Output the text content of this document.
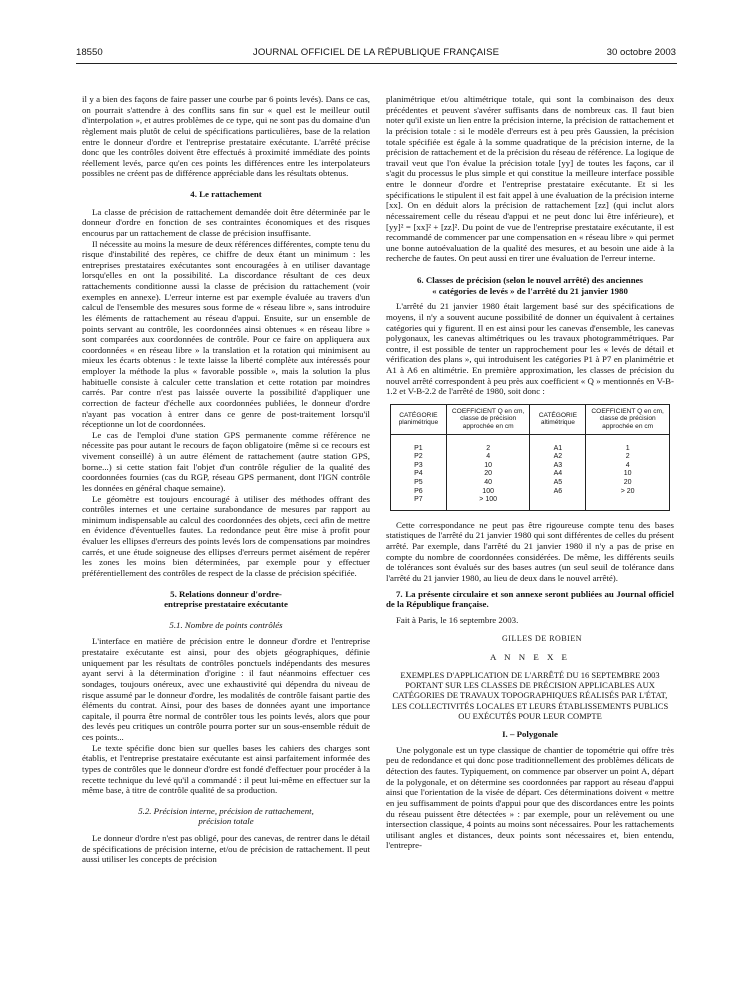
18550	JOURNAL OFFICIEL DE LA RÉPUBLIQUE FRANÇAISE	30 octobre 2003

il y a bien des façons de faire passer une courbe par 6 points levés). Dans ce cas, on pourrait s'attendre à des conflits sans fin sur « quel est le meilleur outil d'interpolation », et autres problèmes de ce type, qui ne sont pas du domaine d'un règlement mais plutôt de celui de spécifications particulières, base de la relation entre le donneur d'ordre et l'entreprise prestataire exécutante. L'arrêté précise donc que les contrôles doivent être effectués à proximité immédiate des points réellement levés, parce qu'en ces points les différences entre les interpolateurs possibles ne créent pas de différence appréciable dans les résultats obtenus.

4. Le rattachement

La classe de précision de rattachement demandée doit être déterminée par le donneur d'ordre en fonction de ses contraintes économiques et des risques encourus par un rattachement de classe de précision insuffisante.

Il nécessite au moins la mesure de deux références différentes, compte tenu du risque d'instabilité des repères, ce chiffre de deux étant un minimum : les entreprises prestataires exécutantes sont encouragées à en utiliser davantage lorsqu'elles en ont la possibilité. La discordance résultant de ces deux rattachements conditionne aussi la classe de précision du rattachement (voir exemples en annexe). L'erreur interne est par exemple évaluée au travers d'un calcul de l'ensemble des mesures sous forme de « réseau libre », sans introduire les éléments de rattachement au réseau d'appui. Ensuite, sur un ensemble de points servant au contrôle, les coordonnées ainsi obtenues « en réseau libre » sont comparées aux coordonnées de contrôle. Pour ce faire on appliquera aux coordonnées « en réseau libre » la translation et la rotation qui minimisent au mieux les écarts obtenus : le texte laisse la liberté complète aux intéressés pour employer la méthode la plus « favorable possible », mais la solution la plus habituelle consiste à calculer cette translation et cette rotation par moindres carrés. Par contre n'est pas laissée ouverte la possibilité d'appliquer une correction de facteur d'échelle aux coordonnées publiées, le donneur d'ordre n'ayant pas vocation à entrer dans ce genre de post-traitement lorsqu'il réceptionne un lot de coordonnées.

Le cas de l'emploi d'une station GPS permanente comme référence ne nécessite pas pour autant le recours de façon obligatoire (même si ce recours est vivement conseillé) à un autre élément de rattachement (autre station GPS, borne...) si cette station fait l'objet d'un contrôle régulier de la qualité des coordonnées fournies (cas du RGP, réseau GPS permanent, dont l'IGN contrôle les données en général chaque semaine).

Le géomètre est toujours encouragé à utiliser des méthodes offrant des contrôles internes et une certaine surabondance de mesures par rapport au minimum indispensable au calcul des coordonnées des objets, ceci afin de mettre en évidence d'éventuelles fautes. La redondance peut être mise à profit pour évaluer les ellipses d'erreurs des points levés lors de compensations par moindres carrés, et une étude soigneuse des ellipses d'erreurs permet aisément de repérer les zones les moins bien déterminées, par exemple pour y effectuer préférentiellement des contrôles de respect de la classe de précision spécifiée.

5. Relations donneur d'ordre-
entreprise prestataire exécutante
5.1. Nombre de points contrôlés

L'interface en matière de précision entre le donneur d'ordre et l'entreprise prestataire exécutante est ainsi, pour des objets géographiques, définie uniquement par les résultats de contrôles ponctuels indépendants des mesures ayant servi à la détermination d'origine : il faut néanmoins effectuer ces sondages, toujours onéreux, avec une exhaustivité qui dépendra du niveau de risque assumé par le donneur d'ordre, les modalités de contrôle faisant partie des éléments du contrat. Ainsi, pour des bases de données ayant une importance capitale, il pourra être normal de contrôler tous les points levés, alors que pour des levés peu critiques un contrôle pourra porter sur un sous-ensemble réduit de ces points...

Le texte spécifie donc bien sur quelles bases les cahiers des charges sont établis, et l'entreprise prestataire exécutante est ainsi parfaitement informée des types de contrôles que le donneur d'ordre est fondé d'effectuer pour procéder à la recette technique du levé qu'il a commandé : il peut lui-même en effectuer sur la même base, à titre de contrôle qualité de sa production.

5.2. Précision interne, précision de rattachement,
précision totale

Le donneur d'ordre n'est pas obligé, pour des canevas, de rentrer dans le détail de spécifications de précision interne, et/ou de précision de rattachement. Il peut aussi utiliser les concepts de précision

planimétrique et/ou altimétrique totale, qui sont la combinaison des deux précédentes et peuvent s'avérer suffisants dans de nombreux cas. Il faut bien noter qu'il existe un lien entre la précision interne, la précision de rattachement et la précision totale : si le modèle d'erreurs est à peu près Gaussien, la précision totale spécifiée est égale à la somme quadratique de la précision interne, de la précision de rattachement et de la précision du réseau de référence. La logique de travail veut que l'on évalue la précision totale [yy] de toutes les façons, car il s'agit du processus le plus simple et qui constitue la meilleure interface possible entre le donneur d'ordre et l'entreprise prestataire exécutante. Et si les spécifications le stipulent il est fait appel à une évaluation de la précision interne [xx]. On en déduit alors la précision de rattachement [zz] (qui inclut alors nécessairement celle du réseau d'appui et ne peut donc lui être inférieure), et [yy]² = [xx]² + [zz]². Du point de vue de l'entreprise prestataire exécutante, il est recommandé de commencer par une compensation en « réseau libre » qui permet une bonne autoévaluation de la qualité des mesures, et au besoin une aide à la recherche de fautes. On peut aussi en tirer une évaluation de l'erreur interne.

6. Classes de précision (selon le nouvel arrêté) des anciennes
« catégories de levés » de l'arrêté du 21 janvier 1980

L'arrêté du 21 janvier 1980 était largement basé sur des spécifications de moyens, il n'y a souvent aucune possibilité de donner un équivalent à certaines catégories qui y figurent. Il en est ainsi pour les canevas d'ensemble, les canevas polygonaux, les canevas altimétriques ou les travaux photogrammétriques. Par contre, il est possible de tenter un rapprochement pour les « levés de détail et vérification des plans », qui introduisent les catégories P1 à P7 en planimétrie et A1 à A6 en altimétrie. En première approximation, les classes de précision du nouvel arrêté correspondent à peu près aux coefficient « Q » mentionnés en V-B-1.2 et V-B-2.2 de l'arrêté de 1980, soit donc :

CATÉGORIE planimétrique	COEFFICIENT Q en cm, classe de précision approchée en cm	CATÉGORIE altimétrique	COEFFICIENT Q en cm, classe de précision approchée en cm
P1	2	A1	1
P2	4	A2	2
P3	10	A3	4
P4	20	A4	10
P5	40	A5	20
P6	100	A6	> 20
P7	> 100		

Cette correspondance ne peut pas être rigoureuse compte tenu des bases statistiques de l'arrêté du 21 janvier 1980 qui sont différentes de celles du présent arrêté. Par exemple, dans l'arrêté du 21 janvier 1980 il n'y a pas de prise en compte du nombre de coordonnées considérées. De même, les différents seuils de tolérances sont évalués sur des bases autres (un seul seuil de tolérance dans l'arrêté du 21 janvier 1980, au lieu de deux dans le nouvel arrêté).

7. La présente circulaire et son annexe seront publiées au Journal officiel de la République française.

Fait à Paris, le 16 septembre 2003.

GILLES DE ROBIEN
A N N E X E
EXEMPLES D'APPLICATION DE L'ARRÊTÉ DU 16 SEPTEMBRE 2003 PORTANT SUR LES CLASSES DE PRÉCISION APPLICABLES AUX CATÉGORIES DE TRAVAUX TOPOGRAPHIQUES RÉALISÉS PAR L'ÉTAT, LES COLLECTIVITÉS LOCALES ET LEURS ÉTABLISSEMENTS PUBLICS OU EXÉCUTÉS POUR LEUR COMPTE
I. – Polygonale

Une polygonale est un type classique de chantier de topométrie qui offre très peu de redondance et qui donc pose traditionnellement des problèmes délicats de détection des fautes. Typiquement, on commence par observer un point A, départ de la polygonale, et on détermine ses coordonnées par rapport au réseau d'appui ainsi que l'orientation de la visée de départ. Ces déterminations doivent « mettre en jeu suffisamment de points d'appui pour que des discordances entre les points du réseau puissent être détectées » : par exemple, pour un relèvement ou une intersection classique, 4 points au moins sont nécessaires. Pour les rattachements utilisant angles et distances, deux points sont nécessaires et, bien entendu, l'entrepre-
